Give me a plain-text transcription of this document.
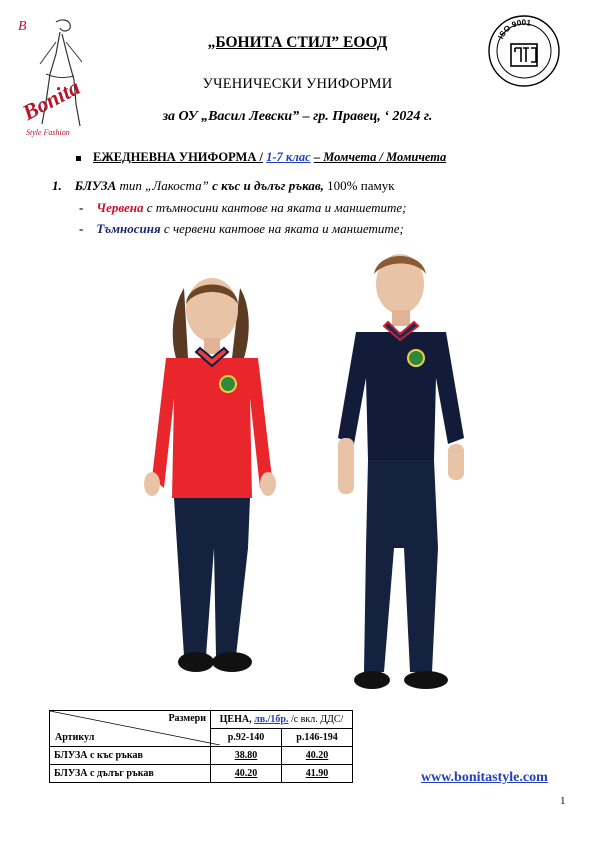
B
Bonita
Style Fashion
ISO 9001
„БОНИТА СТИЛ” ЕООД
УЧЕНИЧЕСКИ УНИФОРМИ
за ОУ „Васил Левски” – гр. Правец, ‘ 2024 г.
ЕЖЕДНЕВНА УНИФОРМА / 1-7 клас – Момчета / Момичета
1. БЛУЗА тип „Лакоста” с къс и дълъг ръкав, 100% памук
- Червена с тъмносини кантове на яката и маншетите;
- Тъмносиня с червени кантове на яката и маншетите;
Размери
Артикул	ЦЕНА, лв./1бр. /с вкл. ДДС/	
	р.92-140	р.146-194
БЛУЗА с къс ръкав	38.80	40.20
БЛУЗА с дълъг ръкав	40.20	41.90	www.bonitastyle.com
1
